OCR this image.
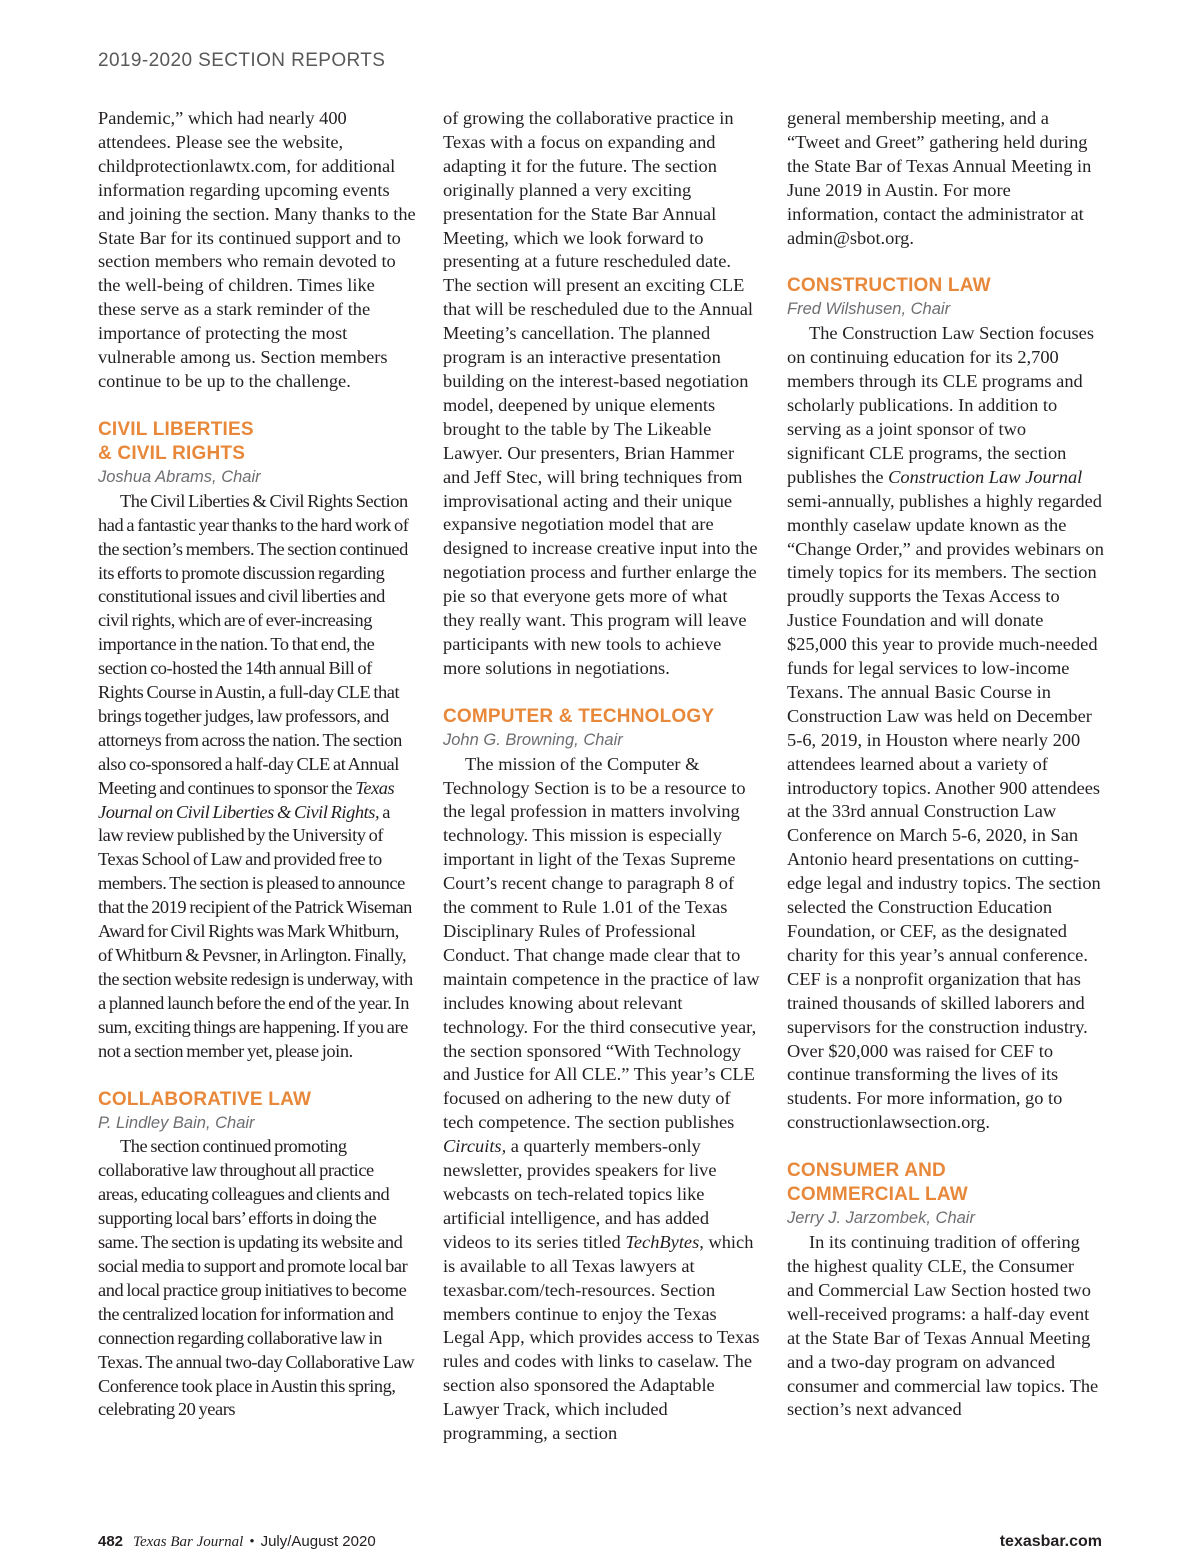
2019-2020 SECTION REPORTS

Pandemic,” which had nearly 400 attendees. Please see the website, childprotectionlawtx.com, for additional information regarding upcoming events and joining the section. Many thanks to the State Bar for its continued support and to section members who remain devoted to the well-being of children. Times like these serve as a stark reminder of the importance of protecting the most vulnerable among us. Section members continue to be up to the challenge.

CIVIL LIBERTIES
& CIVIL RIGHTS
Joshua Abrams, Chair

The Civil Liberties & Civil Rights Section had a fantastic year thanks to the hard work of the section’s members. The section continued its efforts to promote discussion regarding constitutional issues and civil liberties and civil rights, which are of ever-increasing importance in the nation. To that end, the section co-hosted the 14th annual Bill of Rights Course in Austin, a full-day CLE that brings together judges, law professors, and attorneys from across the nation. The section also co-sponsored a half-day CLE at Annual Meeting and continues to sponsor the Texas Journal on Civil Liberties & Civil Rights, a law review published by the University of Texas School of Law and provided free to members. The section is pleased to announce that the 2019 recipient of the Patrick Wiseman Award for Civil Rights was Mark Whitburn, of Whitburn & Pevsner, in Arlington. Finally, the section website redesign is underway, with a planned launch before the end of the year. In sum, exciting things are happening. If you are not a section member yet, please join.

COLLABORATIVE LAW
P. Lindley Bain, Chair

The section continued promoting collaborative law throughout all practice areas, educating colleagues and clients and supporting local bars’ efforts in doing the same. The section is updating its website and social media to support and promote local bar and local practice group initiatives to become the centralized location for information and connection regarding collaborative law in Texas. The annual two-day Collaborative Law Conference took place in Austin this spring, celebrating 20 years

of growing the collaborative practice in Texas with a focus on expanding and adapting it for the future. The section originally planned a very exciting presentation for the State Bar Annual Meeting, which we look forward to presenting at a future rescheduled date. The section will present an exciting CLE that will be rescheduled due to the Annual Meeting’s cancellation. The planned program is an interactive presentation building on the interest-based negotiation model, deepened by unique elements brought to the table by The Likeable Lawyer. Our presenters, Brian Hammer and Jeff Stec, will bring techniques from improvisational acting and their unique expansive negotiation model that are designed to increase creative input into the negotiation process and further enlarge the pie so that everyone gets more of what they really want. This program will leave participants with new tools to achieve more solutions in negotiations.

COMPUTER & TECHNOLOGY
John G. Browning, Chair

The mission of the Computer & Technology Section is to be a resource to the legal profession in matters involving technology. This mission is especially important in light of the Texas Supreme Court’s recent change to paragraph 8 of the comment to Rule 1.01 of the Texas Disciplinary Rules of Professional Conduct. That change made clear that to maintain competence in the practice of law includes knowing about relevant technology. For the third consecutive year, the section sponsored “With Technology and Justice for All CLE.” This year’s CLE focused on adhering to the new duty of tech competence. The section publishes Circuits, a quarterly members-only newsletter, provides speakers for live webcasts on tech-related topics like artificial intelligence, and has added videos to its series titled TechBytes, which is available to all Texas lawyers at texasbar.com/tech-resources. Section members continue to enjoy the Texas Legal App, which provides access to Texas rules and codes with links to caselaw. The section also sponsored the Adaptable Lawyer Track, which included programming, a section

general membership meeting, and a “Tweet and Greet” gathering held during the State Bar of Texas Annual Meeting in June 2019 in Austin. For more information, contact the administrator at admin@sbot.org.

CONSTRUCTION LAW
Fred Wilshusen, Chair

The Construction Law Section focuses on continuing education for its 2,700 members through its CLE programs and scholarly publications. In addition to serving as a joint sponsor of two significant CLE programs, the section publishes the Construction Law Journal semi-annually, publishes a highly regarded monthly caselaw update known as the “Change Order,” and provides webinars on timely topics for its members. The section proudly supports the Texas Access to Justice Foundation and will donate $25,000 this year to provide much-needed funds for legal services to low-income Texans. The annual Basic Course in Construction Law was held on December 5-6, 2019, in Houston where nearly 200 attendees learned about a variety of introductory topics. Another 900 attendees at the 33rd annual Construction Law Conference on March 5-6, 2020, in San Antonio heard presentations on cutting-edge legal and industry topics. The section selected the Construction Education Foundation, or CEF, as the designated charity for this year’s annual conference. CEF is a nonprofit organization that has trained thousands of skilled laborers and supervisors for the construction industry. Over $20,000 was raised for CEF to continue transforming the lives of its students. For more information, go to constructionlawsection.org.

CONSUMER AND
COMMERCIAL LAW
Jerry J. Jarzombek, Chair

In its continuing tradition of offering the highest quality CLE, the Consumer and Commercial Law Section hosted two well-received programs: a half-day event at the State Bar of Texas Annual Meeting and a two-day program on advanced consumer and commercial law topics. The section’s next advanced

482 Texas Bar Journal • July/August 2020	texasbar.com
